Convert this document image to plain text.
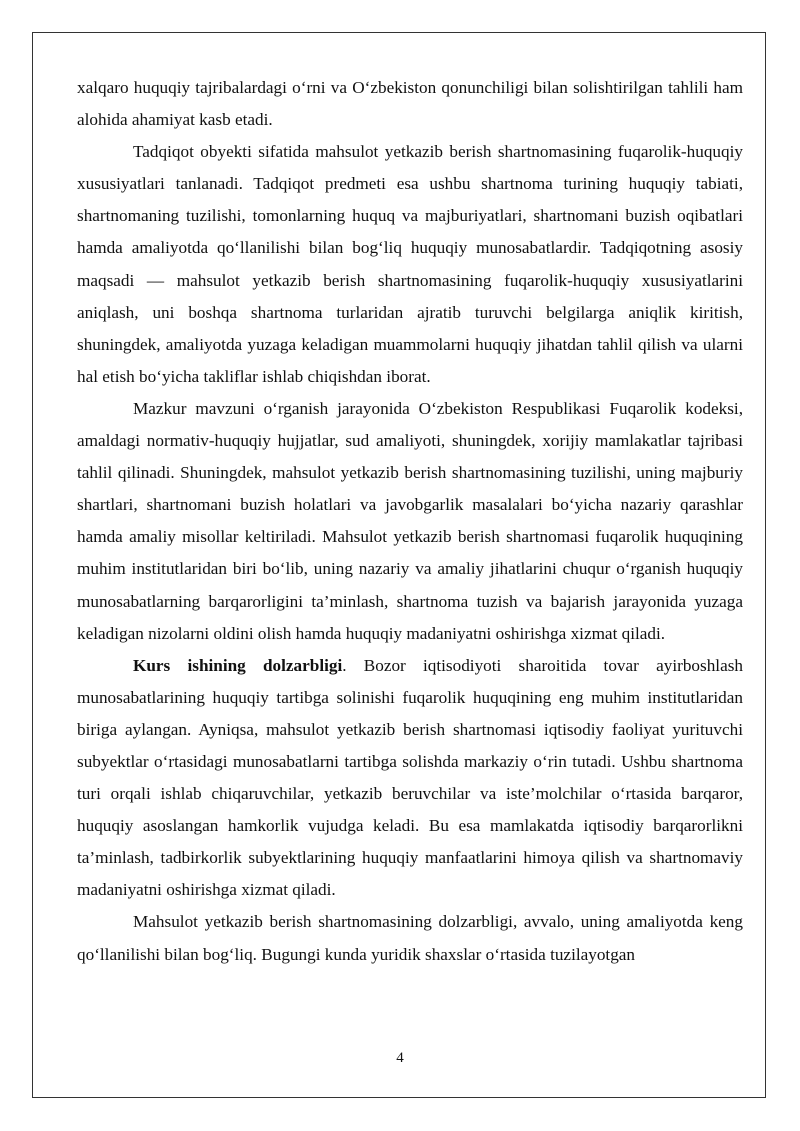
xalqaro huquqiy tajribalardagi o‘rni va O‘zbekiston qonunchiligi bilan solishtirilgan tahlili ham alohida ahamiyat kasb etadi.

Tadqiqot obyekti sifatida mahsulot yetkazib berish shartnomasining fuqarolik-huquqiy xususiyatlari tanlanadi. Tadqiqot predmeti esa ushbu shartnoma turining huquqiy tabiati, shartnomaning tuzilishi, tomonlarning huquq va majburiyatlari, shartnomani buzish oqibatlari hamda amaliyotda qo‘llanilishi bilan bog‘liq huquqiy munosabatlardir. Tadqiqotning asosiy maqsadi — mahsulot yetkazib berish shartnomasining fuqarolik-huquqiy xususiyatlarini aniqlash, uni boshqa shartnoma turlaridan ajratib turuvchi belgilarga aniqlik kiritish, shuningdek, amaliyotda yuzaga keladigan muammolarni huquqiy jihatdan tahlil qilish va ularni hal etish bo‘yicha takliflar ishlab chiqishdan iborat.

Mazkur mavzuni o‘rganish jarayonida O‘zbekiston Respublikasi Fuqarolik kodeksi, amaldagi normativ-huquqiy hujjatlar, sud amaliyoti, shuningdek, xorijiy mamlakatlar tajribasi tahlil qilinadi. Shuningdek, mahsulot yetkazib berish shartnomasining tuzilishi, uning majburiy shartlari, shartnomani buzish holatlari va javobgarlik masalalari bo‘yicha nazariy qarashlar hamda amaliy misollar keltiriladi. Mahsulot yetkazib berish shartnomasi fuqarolik huquqining muhim institutlaridan biri bo‘lib, uning nazariy va amaliy jihatlarini chuqur o‘rganish huquqiy munosabatlarning barqarorligini ta’minlash, shartnoma tuzish va bajarish jarayonida yuzaga keladigan nizolarni oldini olish hamda huquqiy madaniyatni oshirishga xizmat qiladi.

Kurs ishining dolzarbligi. Bozor iqtisodiyoti sharoitida tovar ayirboshlash munosabatlarining huquqiy tartibga solinishi fuqarolik huquqining eng muhim institutlaridan biriga aylangan. Ayniqsa, mahsulot yetkazib berish shartnomasi iqtisodiy faoliyat yurituvchi subyektlar o‘rtasidagi munosabatlarni tartibga solishda markaziy o‘rin tutadi. Ushbu shartnoma turi orqali ishlab chiqaruvchilar, yetkazib beruvchilar va iste’molchilar o‘rtasida barqaror, huquqiy asoslangan hamkorlik vujudga keladi. Bu esa mamlakatda iqtisodiy barqarorlikni ta’minlash, tadbirkorlik subyektlarining huquqiy manfaatlarini himoya qilish va shartnomaviy madaniyatni oshirishga xizmat qiladi.

Mahsulot yetkazib berish shartnomasining dolzarbligi, avvalo, uning amaliyotda keng qo‘llanilishi bilan bog‘liq. Bugungi kunda yuridik shaxslar o‘rtasida tuzilayotgan

4
